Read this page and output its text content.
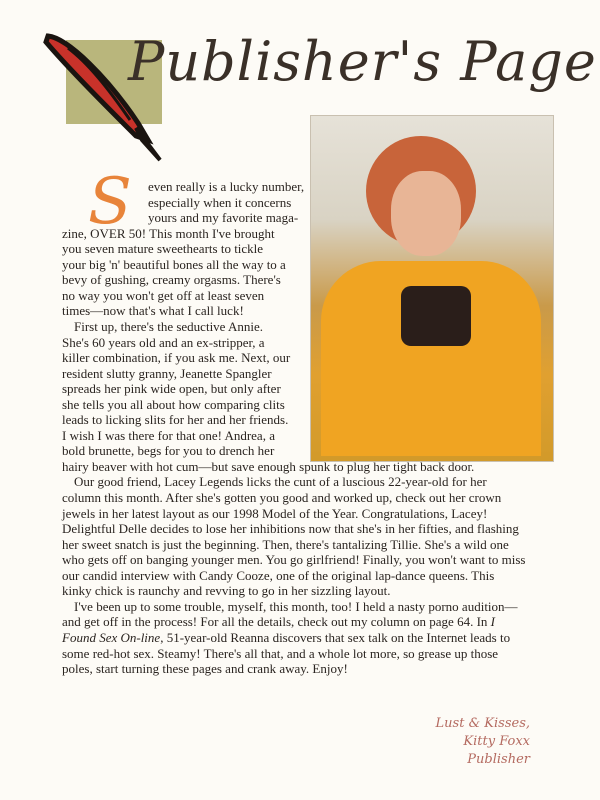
Publisher's Page
S even really is a lucky number,
especially when it concerns
yours and my favorite maga-
zine, OVER 50! This month I've brought
you seven mature sweethearts to tickle
your big 'n' beautiful bones all the way to a
bevy of gushing, creamy orgasms. There's
no way you won't get off at least seven
times—now that's what I call luck!
First up, there's the seductive Annie.
She's 60 years old and an ex-stripper, a
killer combination, if you ask me. Next, our
resident slutty granny, Jeanette Spangler
spreads her pink wide open, but only after
she tells you all about how comparing clits
leads to licking slits for her and her friends.
I wish I was there for that one! Andrea, a
bold brunette, begs for you to drench her
hairy beaver with hot cum—but save enough spunk to plug her tight back door.
Our good friend, Lacey Legends licks the cunt of a luscious 22-year-old for her
column this month. After she's gotten you good and worked up, check out her crown
jewels in her latest layout as our 1998 Model of the Year. Congratulations, Lacey!
Delightful Delle decides to lose her inhibitions now that she's in her fifties, and flashing
her sweet snatch is just the beginning. Then, there's tantalizing Tillie. She's a wild one
who gets off on banging younger men. You go girlfriend! Finally, you won't want to miss
our candid interview with Candy Cooze, one of the original lap-dance queens. This
kinky chick is raunchy and revving to go in her sizzling layout.
I've been up to some trouble, myself, this month, too! I held a nasty porno audition—
and get off in the process! For all the details, check out my column on page 64. In I
Found Sex On-line, 51-year-old Reanna discovers that sex talk on the Internet leads to
some red-hot sex. Steamy! There's all that, and a whole lot more, so grease up those
poles, start turning these pages and crank away. Enjoy!
Lust & Kisses,
Kitty Foxx
Publisher
